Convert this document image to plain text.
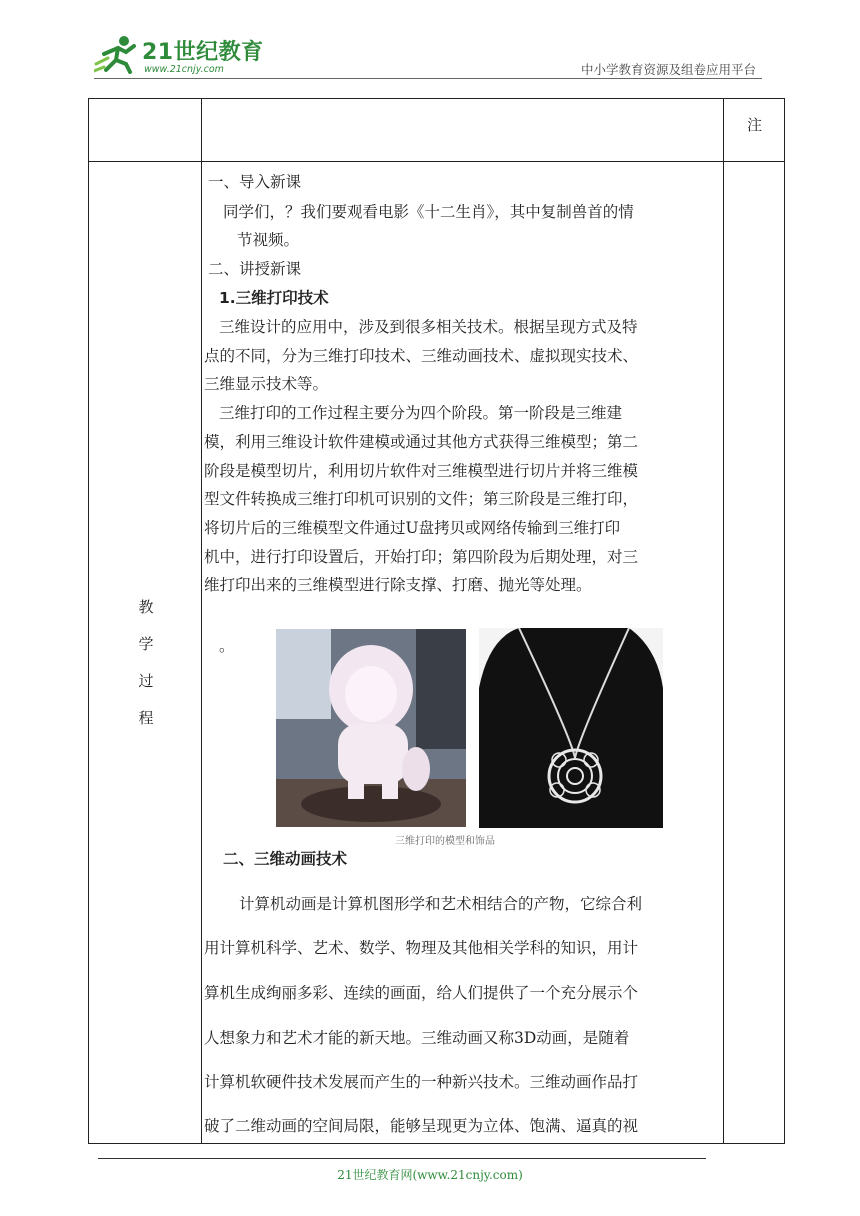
21世纪教育
www.21cnjy.com	中小学教育资源及组卷应用平台
注
教
学
过
程
一、导入新课
同学们，？我们要观看电影《十二生肖》，其中复制兽首的情
节视频。
二、讲授新课
1.三维打印技术
三维设计的应用中，涉及到很多相关技术。根据呈现方式及特
点的不同，分为三维打印技术、三维动画技术、虚拟现实技术、
三维显示技术等。
三维打印的工作过程主要分为四个阶段。第一阶段是三维建
模，利用三维设计软件建模或通过其他方式获得三维模型；第二
阶段是模型切片，利用切片软件对三维模型进行切片并将三维模
型文件转换成三维打印机可识别的文件；第三阶段是三维打印，
将切片后的三维模型文件通过U盘拷贝或网络传输到三维打印
机中，进行打印设置后，开始打印；第四阶段为后期处理，对三
维打印出来的三维模型进行除支撑、打磨、抛光等处理。
。
三维打印的模型和饰品
二、三维动画技术
计算机动画是计算机图形学和艺术相结合的产物，它综合利
用计算机科学、艺术、数学、物理及其他相关学科的知识，用计
算机生成绚丽多彩、连续的画面，给人们提供了一个充分展示个
人想象力和艺术才能的新天地。三维动画又称3D动画，是随着
计算机软硬件技术发展而产生的一种新兴技术。三维动画作品打
破了二维动画的空间局限，能够呈现更为立体、饱满、逼真的视
21世纪教育网(www.21cnjy.com)
